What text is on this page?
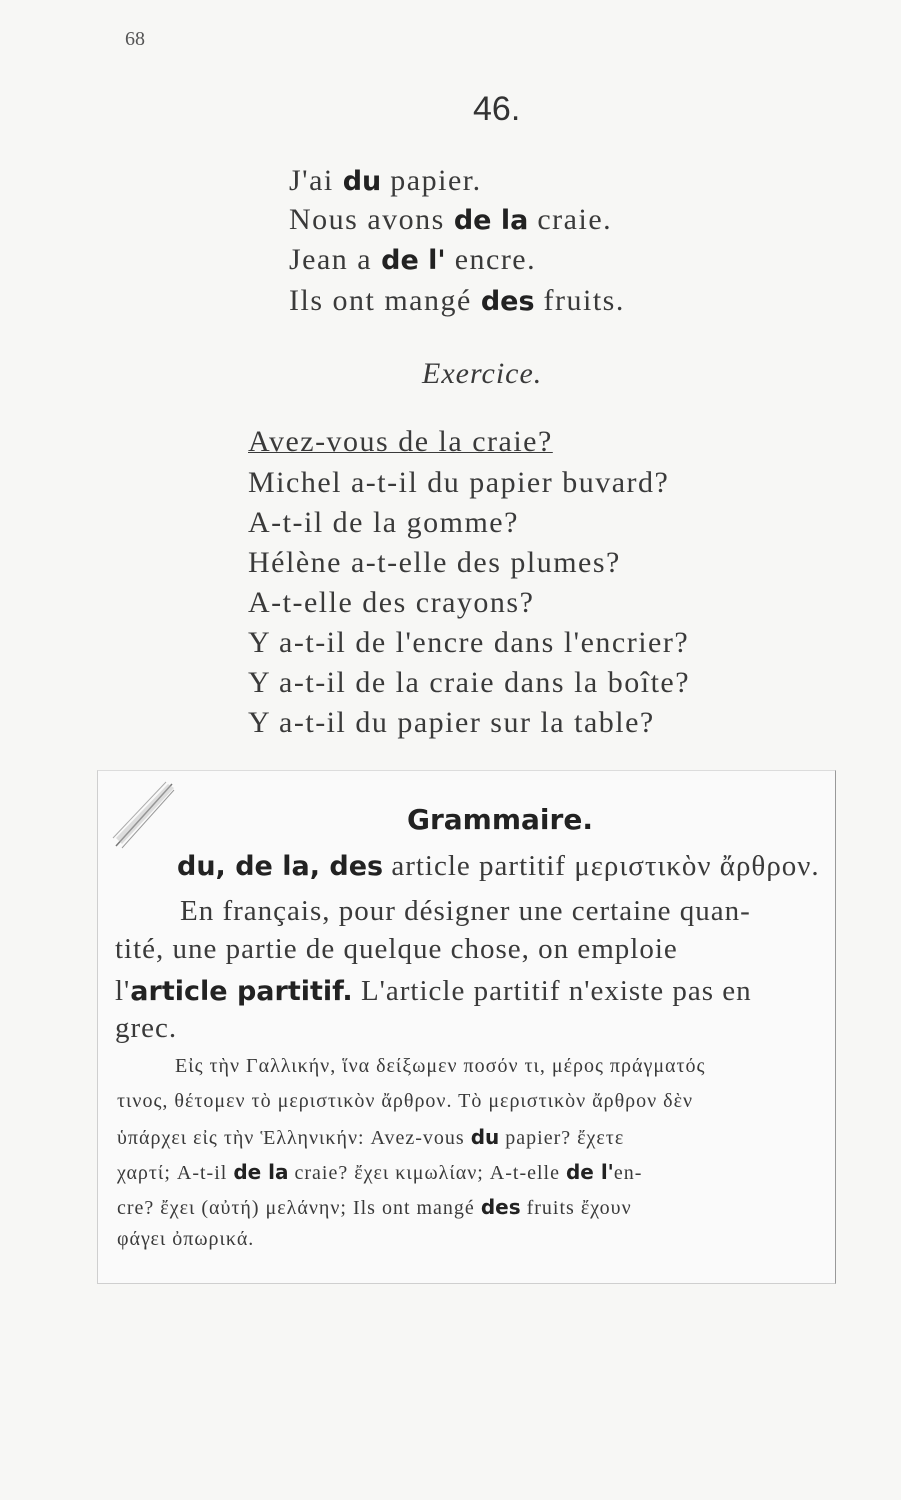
68
46.
J'ai du papier.
Nous avons de la craie.
Jean a de l' encre.
Ils ont mangé des fruits.
Exercice.
Avez-vous de la craie?
Michel a-t-il du papier buvard?
A-t-il de la gomme?
Hélène a-t-elle des plumes?
A-t-elle des crayons?
Y a-t-il de l'encre dans l'encrier?
Y a-t-il de la craie dans la boîte?
Y a-t-il du papier sur la table?
Grammaire.
du, de la, des article partitif μεριστικὸν ἄρθρον.
En français, pour désigner une certaine quan-
tité, une partie de quelque chose, on emploie
l'article partitif. L'article partitif n'existe pas en
grec.
Εἰς τὴν Γαλλικήν, ἵνα δείξωμεν ποσόν τι, μέρος πράγματός
τινος, θέτομεν τὸ μεριστικὸν ἄρθρον. Τὸ μεριστικὸν ἄρθρον δὲν
ὑπάρχει εἰς τὴν Ἑλληνικήν: Avez-vous du papier? ἔχετε
χαρτί; A-t-il de la craie? ἔχει κιμωλίαν; A-t-elle de l'en-
cre? ἔχει (αὐτή) μελάνην; Ils ont mangé des fruits ἔχουν
φάγει ὀπωρικά.
